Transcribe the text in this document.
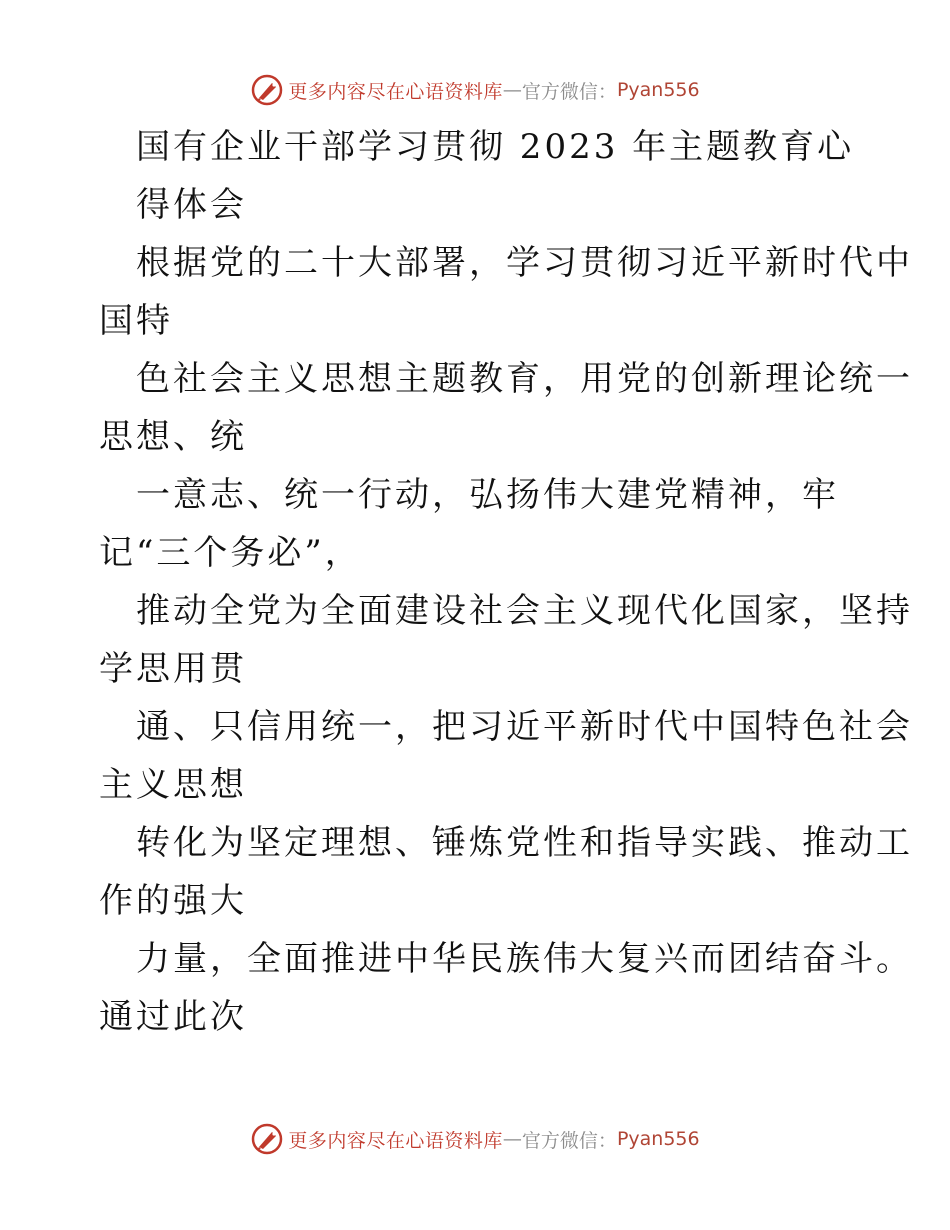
更多内容尽在心语资料库 — 官方微信： Pyan556
国有企业干部学习贯彻 2023 年主题教育心
得体会
根据党的二十大部署，学习贯彻习近平新时代中
国特
色社会主义思想主题教育，用党的创新理论统一
思想、统
一意志、统一行动，弘扬伟大建党精神，牢
记“三个务必”，
推动全党为全面建设社会主义现代化国家，坚持
学思用贯
通、只信用统一，把习近平新时代中国特色社会
主义思想
转化为坚定理想、锤炼党性和指导实践、推动工
作的强大
力量，全面推进中华民族伟大复兴而团结奋斗。
通过此次
更多内容尽在心语资料库 — 官方微信： Pyan556
